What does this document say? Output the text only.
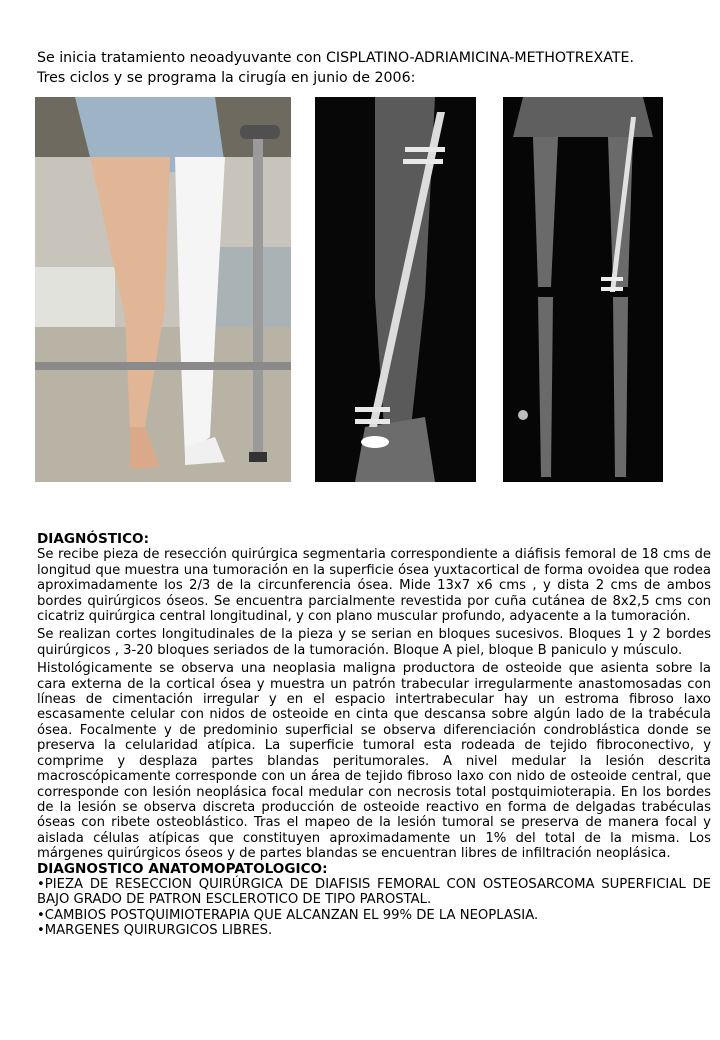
Se inicia tratamiento neoadyuvante con CISPLATINO-ADRIAMICINA-METHOTREXATE.
Tres ciclos y se programa la cirugía en junio de 2006:

DIAGNÓSTICO:

Se recibe pieza de resección quirúrgica segmentaria correspondiente a diáfisis femoral de 18 cms de longitud que muestra una tumoración en la superficie ósea yuxtacortical de forma ovoidea que rodea aproximadamente los 2/3 de la circunferencia ósea. Mide 13x7 x6 cms , y dista 2 cms de ambos bordes quirúrgicos óseos. Se encuentra parcialmente revestida por cuña cutánea de 8x2,5 cms con cicatriz quirúrgica central longitudinal, y con plano muscular profundo, adyacente a la tumoración.

Se realizan cortes longitudinales de la pieza y se serian en bloques sucesivos. Bloques 1 y 2 bordes quirúrgicos , 3-20 bloques seriados de la tumoración. Bloque A piel, bloque B paniculo y músculo.

Histológicamente se observa una neoplasia maligna productora de osteoide que asienta sobre la cara externa de la cortical ósea y muestra un patrón trabecular irregularmente anastomosadas con líneas de cimentación irregular y en el espacio intertrabecular hay un estroma fibroso laxo escasamente celular con nidos de osteoide en cinta que descansa sobre algún lado de la trabécula ósea. Focalmente y de predominio superficial se observa diferenciación condroblástica donde se preserva la celularidad atípica. La superficie tumoral esta rodeada de tejido fibroconectivo, y comprime y desplaza partes blandas peritumorales. A nivel medular la lesión descrita macroscópicamente corresponde con un área de tejido fibroso laxo con nido de osteoide central, que corresponde con lesión neoplásica focal medular con necrosis total postquimioterapia. En los bordes de la lesión se observa discreta producción de osteoide reactivo en forma de delgadas trabéculas óseas con ribete osteoblástico. Tras el mapeo de la lesión tumoral se preserva de manera focal y aislada células atípicas que constituyen aproximadamente un 1% del total de la misma. Los márgenes quirúrgicos óseos y de partes blandas se encuentran libres de infiltración neoplásica.

DIAGNOSTICO ANATOMOPATOLOGICO:

•PIEZA DE RESECCION QUIRÚRGICA DE DIAFISIS FEMORAL CON OSTEOSARCOMA SUPERFICIAL DE BAJO GRADO DE PATRON ESCLEROTICO DE TIPO PAROSTAL.

•CAMBIOS POSTQUIMIOTERAPIA QUE ALCANZAN EL 99% DE LA NEOPLASIA.

•MARGENES QUIRURGICOS LIBRES.
